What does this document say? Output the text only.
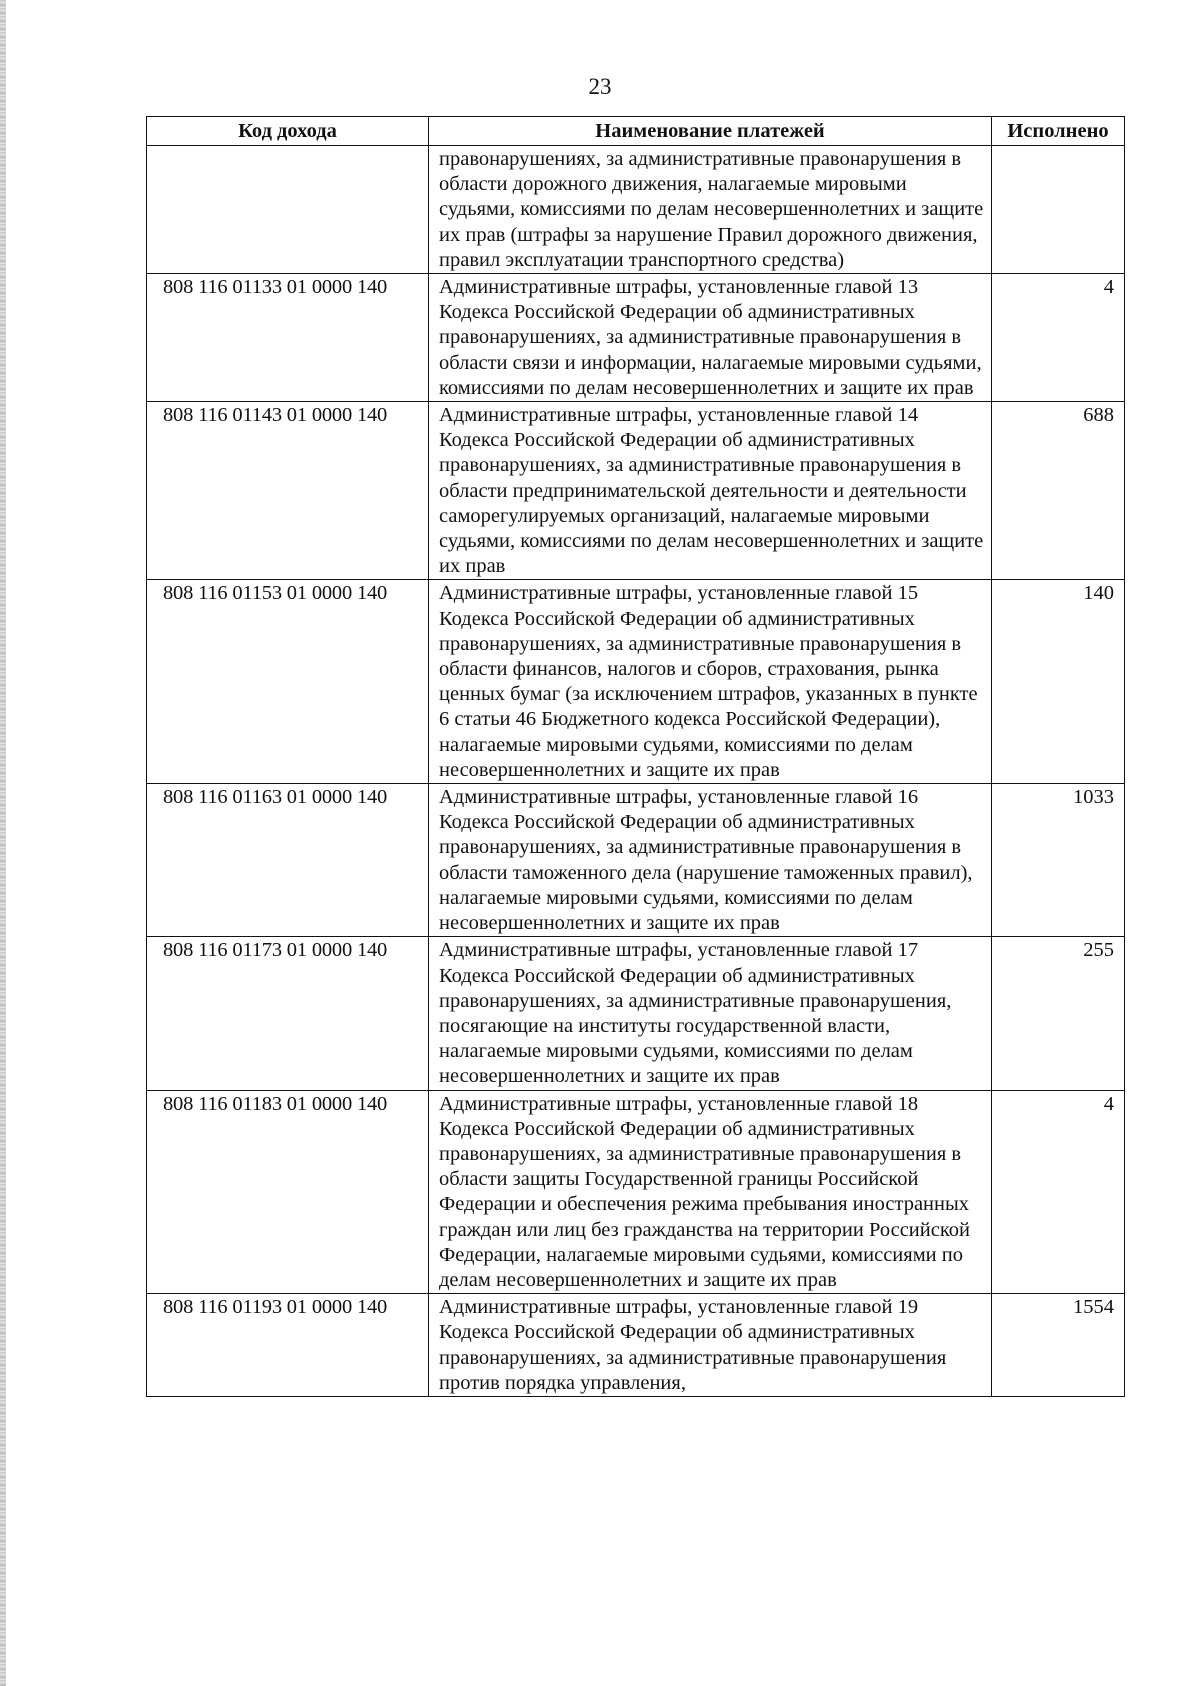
23
Код дохода	Наименование платежей	Исполнено
	правонарушениях, за административные правонарушения в области дорожного движения, налагаемые мировыми судьями, комиссиями по делам несовершеннолетних и защите их прав (штрафы за нарушение Правил дорожного движения, правил эксплуатации транспортного средства)	
808 116 01133 01 0000 140	Административные штрафы, установленные главой 13 Кодекса Российской Федерации об административных правонарушениях, за административные правонарушения в области связи и информации, налагаемые мировыми судьями, комиссиями по делам несовершеннолетних и защите их прав	4
808 116 01143 01 0000 140	Административные штрафы, установленные главой 14 Кодекса Российской Федерации об административных правонарушениях, за административные правонарушения в области предпринимательской деятельности и деятельности саморегулируемых организаций, налагаемые мировыми судьями, комиссиями по делам несовершеннолетних и защите их прав	688
808 116 01153 01 0000 140	Административные штрафы, установленные главой 15 Кодекса Российской Федерации об административных правонарушениях, за административные правонарушения в области финансов, налогов и сборов, страхования, рынка ценных бумаг (за исключением штрафов, указанных в пункте 6 статьи 46 Бюджетного кодекса Российской Федерации), налагаемые мировыми судьями, комиссиями по делам несовершеннолетних и защите их прав	140
808 116 01163 01 0000 140	Административные штрафы, установленные главой 16 Кодекса Российской Федерации об административных правонарушениях, за административные правонарушения в области таможенного дела (нарушение таможенных правил), налагаемые мировыми судьями, комиссиями по делам несовершеннолетних и защите их прав	1033
808 116 01173 01 0000 140	Административные штрафы, установленные главой 17 Кодекса Российской Федерации об административных правонарушениях, за административные правонарушения, посягающие на институты государственной власти, налагаемые мировыми судьями, комиссиями по делам несовершеннолетних и защите их прав	255
808 116 01183 01 0000 140	Административные штрафы, установленные главой 18 Кодекса Российской Федерации об административных правонарушениях, за административные правонарушения в области защиты Государственной границы Российской Федерации и обеспечения режима пребывания иностранных граждан или лиц без гражданства на территории Российской Федерации, налагаемые мировыми судьями, комиссиями по делам несовершеннолетних и защите их прав	4
808 116 01193 01 0000 140	Административные штрафы, установленные главой 19 Кодекса Российской Федерации об административных правонарушениях, за административные правонарушения против порядка управления,	1554
